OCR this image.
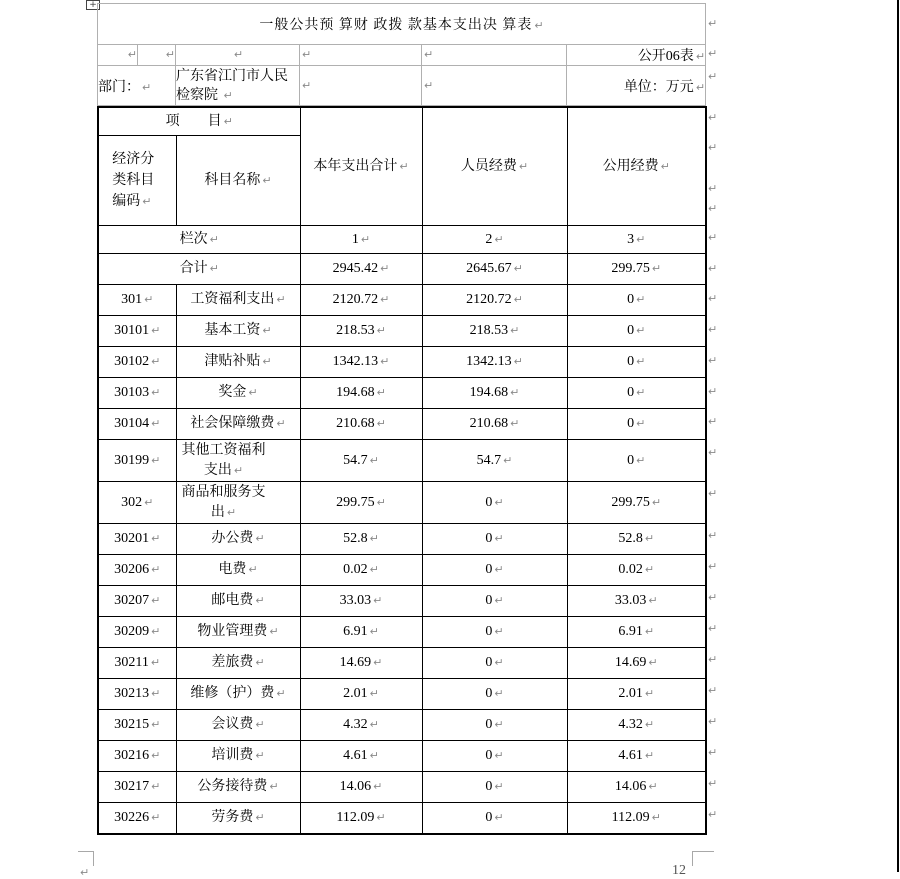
+
一般公共预 算财 政拨 款基本支出决 算表 ↵					
↵	↵	↵	↵	↵	公开06表 ↵
部门： ↵		广东省江门市人民检察院 ↵	↵	↵	单位：万元 ↵
项　　目 ↵		本年支出合计 ↵	人员经费 ↵	公用经费 ↵

经济分类科目编码 ↵	科目名称 ↵			
栏次 ↵		1 ↵	2 ↵	3 ↵
合计 ↵		2945.42 ↵	2645.67 ↵	299.75 ↵
301 ↵	工资福利支出 ↵	2120.72 ↵	2120.72 ↵	0 ↵
30101 ↵	基本工资 ↵	218.53 ↵	218.53 ↵	0 ↵
30102 ↵	津贴补贴 ↵	1342.13 ↵	1342.13 ↵	0 ↵
30103 ↵	奖金 ↵	194.68 ↵	194.68 ↵	0 ↵
30104 ↵	社会保障缴费 ↵	210.68 ↵	210.68 ↵	0 ↵
30199 ↵	其他工资福利支出 ↵	54.7 ↵	54.7 ↵	0 ↵
302 ↵	商品和服务支出 ↵	299.75 ↵	0 ↵	299.75 ↵
30201 ↵	办公费 ↵	52.8 ↵	0 ↵	52.8 ↵
30206 ↵	电费 ↵	0.02 ↵	0 ↵	0.02 ↵
30207 ↵	邮电费 ↵	33.03 ↵	0 ↵	33.03 ↵
30209 ↵	物业管理费 ↵	6.91 ↵	0 ↵	6.91 ↵
30211 ↵	差旅费 ↵	14.69 ↵	0 ↵	14.69 ↵
30213 ↵	维修（护）费 ↵	2.01 ↵	0 ↵	2.01 ↵
30215 ↵	会议费 ↵	4.32 ↵	0 ↵	4.32 ↵
30216 ↵	培训费 ↵	4.61 ↵	0 ↵	4.61 ↵
30217 ↵	公务接待费 ↵	14.06 ↵	0 ↵	14.06 ↵
30226 ↵	劳务费 ↵	112.09 ↵	0 ↵	112.09 ↵
↵
↵
↵
↵
↵
↵
↵
↵
↵
↵
↵
↵
↵
↵
↵
↵
↵
↵
↵
↵
↵
↵
↵
↵
↵
↵
12
↵
